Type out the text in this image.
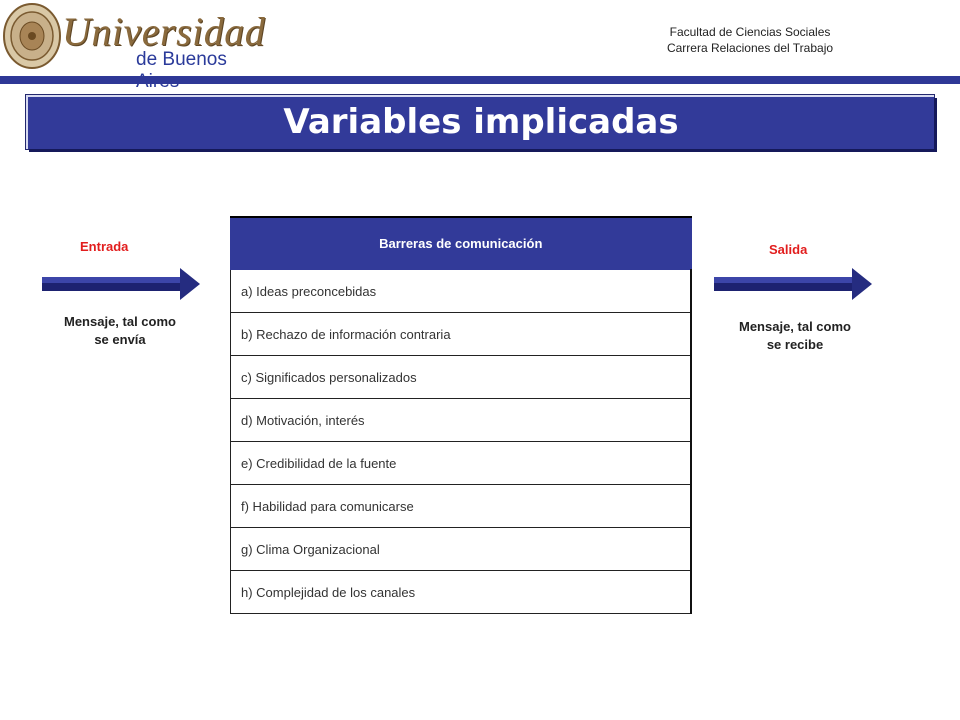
Universidad
de Buenos
Facultad de Ciencias Sociales
Carrera Relaciones del Trabajo
Variables implicadas
Entrada
Mensaje, tal como
se envía
Salida
Mensaje, tal como
se recibe
Barreras de comunicación
a) Ideas preconcebidas
b) Rechazo de información contraria
c) Significados personalizados
d) Motivación, interés
e) Credibilidad de la fuente
f) Habilidad para comunicarse
g) Clima Organizacional
h) Complejidad de los canales
